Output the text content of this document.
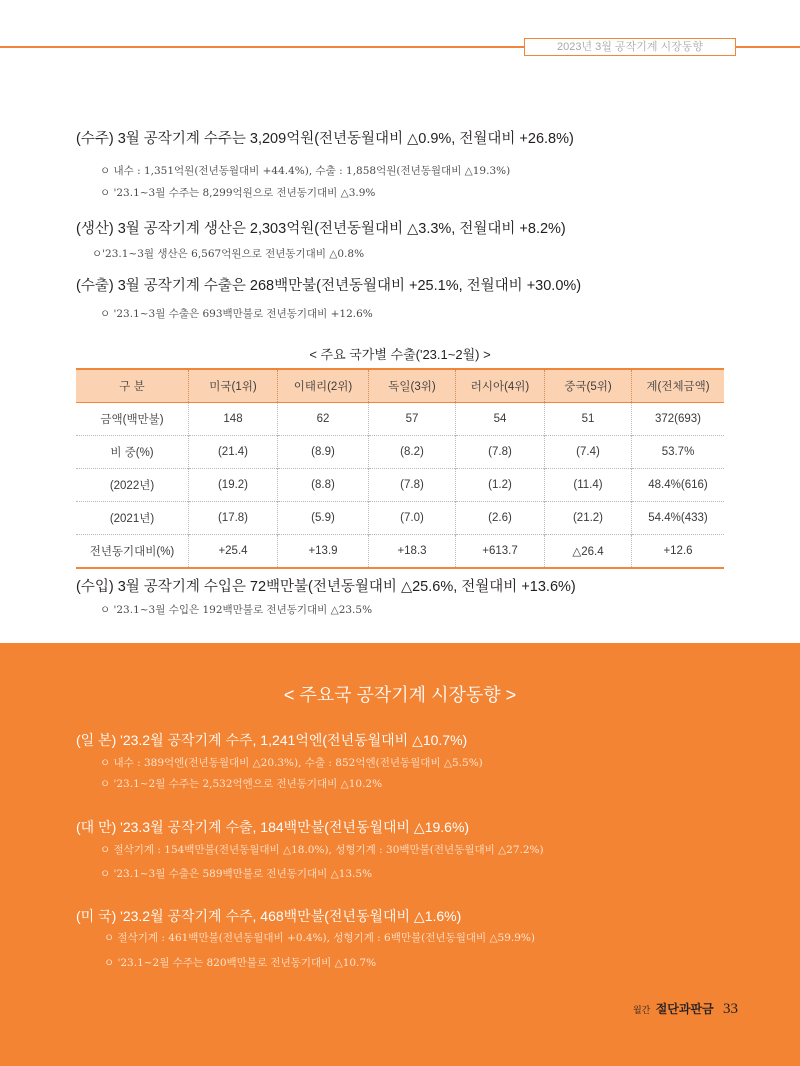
2023년 3월 공작기계 시장동향
(수주) 3월 공작기계 수주는 3,209억원(전년동월대비 △0.9%, 전월대비 +26.8%)
ㅇ 내수 : 1,351억원(전년동월대비 +44.4%), 수출 : 1,858억원(전년동월대비 △19.3%)
ㅇ '23.1~3월 수주는 8,299억원으로 전년동기대비 △3.9%
(생산) 3월 공작기계 생산은 2,303억원(전년동월대비 △3.3%, 전월대비 +8.2%)
ㅇ'23.1~3월 생산은 6,567억원으로 전년동기대비 △0.8%
(수출) 3월 공작기계 수출은 268백만불(전년동월대비 +25.1%, 전월대비 +30.0%)
ㅇ '23.1~3월 수출은 693백만불로 전년동기대비 +12.6%
< 주요 국가별 수출('23.1~2월) >
구 분	미국(1위)	이태리(2위)	독일(3위)	러시아(4위)	중국(5위)	계(전체금액)
금액(백만불)	148	62	57	54	51	372(693)
비 중(%)	(21.4)	(8.9)	(8.2)	(7.8)	(7.4)	53.7%
(2022년)	(19.2)	(8.8)	(7.8)	(1.2)	(11.4)	48.4%(616)
(2021년)	(17.8)	(5.9)	(7.0)	(2.6)	(21.2)	54.4%(433)
전년동기대비(%)	+25.4	+13.9	+18.3	+613.7	△26.4	+12.6
(수입) 3월 공작기계 수입은 72백만불(전년동월대비 △25.6%, 전월대비 +13.6%)
ㅇ '23.1~3월 수입은 192백만불로 전년동기대비 △23.5%
< 주요국 공작기계 시장동향 >
(일 본) '23.2월 공작기계 수주, 1,241억엔(전년동월대비 △10.7%)
ㅇ 내수 : 389억엔(전년동월대비 △20.3%), 수출 : 852억엔(전년동월대비 △5.5%)
ㅇ '23.1~2월 수주는 2,532억엔으로 전년동기대비 △10.2%
(대 만) '23.3월 공작기계 수출, 184백만불(전년동월대비 △19.6%)
ㅇ 절삭기계 : 154백만불(전년동월대비 △18.0%), 성형기계 : 30백만불(전년동월대비 △27.2%)
ㅇ '23.1~3월 수출은 589백만불로 전년동기대비 △13.5%
(미 국) '23.2월 공작기계 수주, 468백만불(전년동월대비 △1.6%)
ㅇ 절삭기계 : 461백만불(전년동월대비 +0.4%), 성형기계 : 6백만불(전년동월대비 △59.9%)
ㅇ '23.1~2월 수주는 820백만불로 전년동기대비 △10.7%
월간 절단과판금 33
